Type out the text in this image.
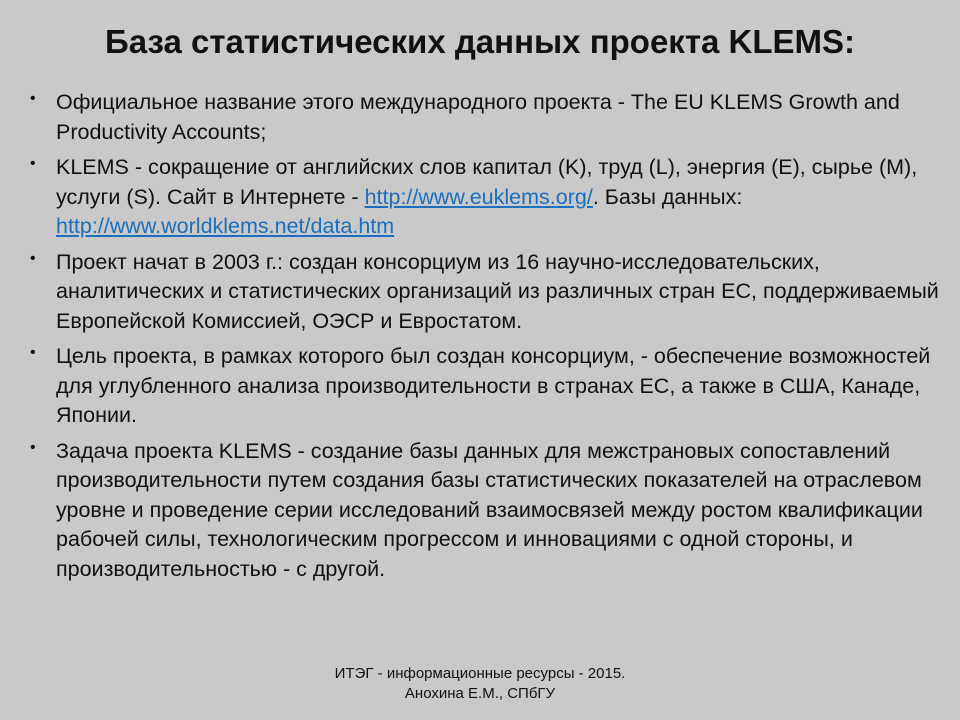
База статистических данных проекта KLEMS:
• Официальное название этого международного проекта - The EU KLEMS Growth and Productivity Accounts;
• KLEMS - сокращение от английских слов капитал (K), труд (L), энергия (E), сырье (M), услуги (S). Сайт в Интернете - http://www.euklems.org/. Базы данных: http://www.worldklems.net/data.htm
• Проект начат в 2003 г.: создан консорциум из 16 научно-исследовательских, аналитических и статистических организаций из различных стран ЕС, поддерживаемый Европейской Комиссией, ОЭСР и Евростатом.
• Цель проекта, в рамках которого был создан консорциум, - обеспечение возможностей для углубленного анализа производительности в странах ЕС, а также в США, Канаде, Японии.
• Задача проекта KLEMS - создание базы данных для межстрановых сопоставлений производительности путем создания базы статистических показателей на отраслевом уровне и проведение серии исследований взаимосвязей между ростом квалификации рабочей силы, технологическим прогрессом и инновациями с одной стороны, и производительностью - с другой.
ИТЭГ - информационные ресурсы - 2015.
Анохина Е.М., СПбГУ
